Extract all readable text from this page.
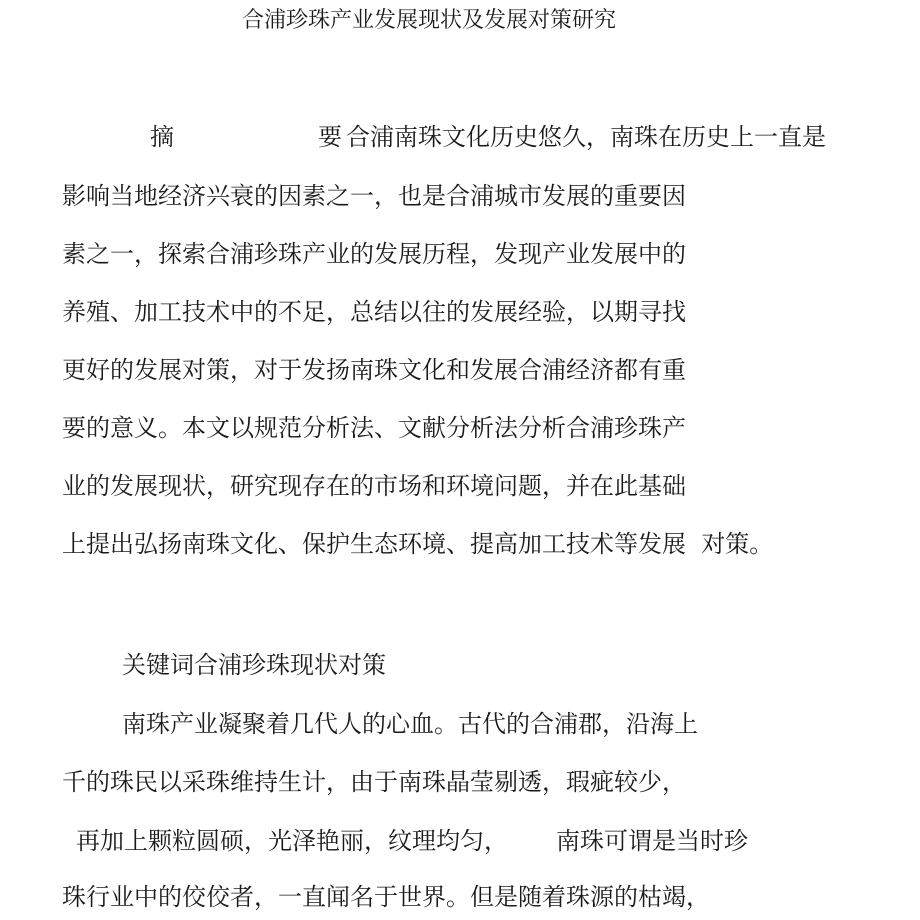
合浦珍珠产业发展现状及发展对策研究
摘	要 合浦南珠文化历史悠久，南珠在历史上一直是
影响当地经济兴衰的因素之一，也是合浦城市发展的重要因
素之一，探索合浦珍珠产业的发展历程，发现产业发展中的
养殖、加工技术中的不足，总结以往的发展经验，以期寻找
更好的发展对策，对于发扬南珠文化和发展合浦经济都有重
要的意义。本文以规范分析法、文献分析法分析合浦珍珠产
业的发展现状，研究现存在的市场和环境问题，并在此基础
上提出弘扬南珠文化、保护生态环境、提高加工技术等发展  对策。
关键词合浦珍珠现状对策
南珠产业凝聚着几代人的心血。古代的合浦郡，沿海上
千的珠民以采珠维持生计，由于南珠晶莹剔透，瑕疵较少，
再加上颗粒圆硕，光泽艳丽，纹理均匀， 南珠可谓是当时珍
珠行业中的佼佼者，一直闻名于世界。但是随着珠源的枯竭，
